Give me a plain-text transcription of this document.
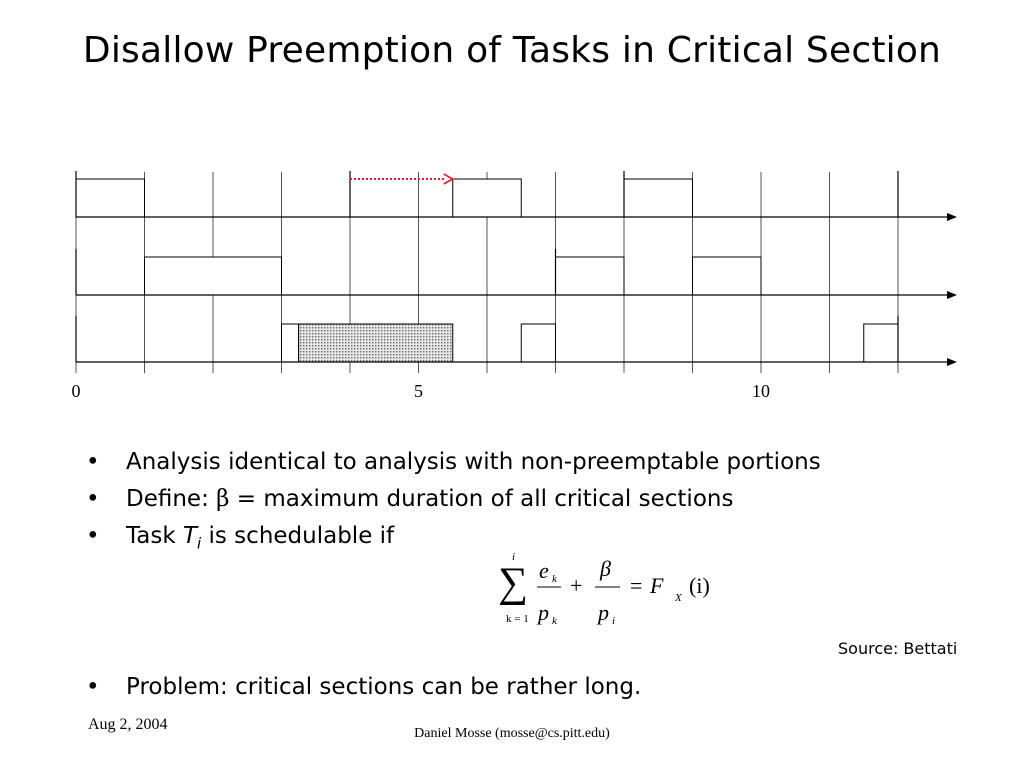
Disallow Preemption of Tasks in Critical Section
0	5	10
• Analysis identical to analysis with non-preemptable portions
• Define: β = maximum duration of all critical sections
• Task $T_i$ is schedulable if
i
∑
k = 1
e k
p k
+
β
p i
= F X (i)
Source: Bettati
• Problem: critical sections can be rather long.
Aug 2, 2004
Daniel Mosse (mosse@cs.pitt.edu)
